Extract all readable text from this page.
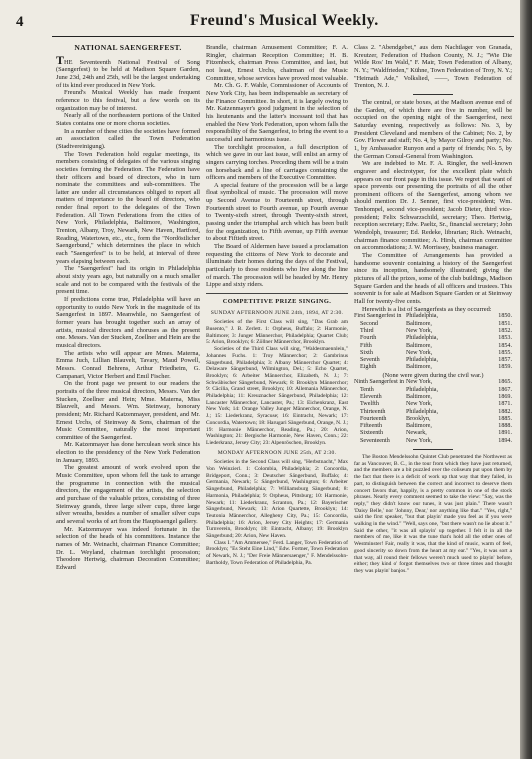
4	Freund's Musical Weekly.
NATIONAL SAENGERFEST.

THE Seventeenth National Festival of Song (Saengerfest) to be held at Madison Square Garden, June 23d, 24th and 25th, will be the largest undertaking of its kind ever produced in New York.

Freund's Musical Weekly has made frequent reference to this festival, but a few words on its organization may be of interest.

Nearly all of the northeastern portions of the United States contains one or more chorus societies.

In a number of these cities the societies have formed an association called the Town Federation (Stadtvereinigung).

The Town Federation hold regular meetings, its members consisting of delegates of the various singing societies forming the Federation. The Federation have their officers and board of directors, who in turn nominate the committees and sub-committees. The latter are under all circumstances obliged to report all matters of importance to the board of directors, who render final report to the delegates of the Town Federation. All Town Federations from the cities of New York, Philadelphia, Baltimore, Washington, Trenton, Albany, Troy, Newark, New Haven, Hartford, Reading, Watertown, etc., etc., form the "Nordöstlicher Saengerbund," which determines the place in which each "Saengerfest" is to be held, at interval of three years elapsing between each.

The "Saengerfest" had its origin in Philadelphia about sixty years ago, but naturally on a much smaller scale and not to be compared with the festivals of the present time.

If predictions come true, Philadelphia will have an opportunity to outdo New York in the magnitude of its Saengerfest in 1897. Meanwhile, no Saengerfest of former years has brought together such an array of artists, musical directors and choruses as the present one. Messrs. Van der Stucken, Zoellner and Hein are the musical directors.

The artists who will appear are Mmes. Materna, Emma Juch, Lillian Blauvelt, Tavary, Maud Powell, Messrs. Conrad Behrens, Arthur Friedheim, G. Campanari, Victor Herbert and Emil Fischer.

On the front page we present to our readers the portraits of the three musical directors, Messrs. Van der Stucken, Zoellner and Hein; Mme. Materna, Miss Blauvelt, and Messrs. Wm. Steinway, honorary president; Mr. Richard Katzenmayer, president, and Mr. Ernest Urchs, of Steinway & Sons, chairman of the Music Committee, naturally the most important committee of the Saengerfest.

Mr. Katzenmayer has done herculean work since his election to the presidency of the New York Federation in January, 1893.

The greatest amount of work evolved upon the Music Committee, upon whom fell the task to arrange the programme in connection with the musical directors, the engagement of the artists, the selection and purchase of the valuable prizes, consisting of three Steinway grands, three large silver cups, three large silver wreaths, besides a number of smaller silver cups and several works of art from the Hauptsaengel gallery.

Mr. Katzenmayer was indeed fortunate in the selection of the heads of his committees. Instance the names of Mr. Weinacht, chairman Finance Committee; Dr. L. Weyland, chairman torchlight procession; Theodore Hertwig, chairman Decoration Committee; Edward

Brandle, chairman Amusement Committee; F. A. Ringler, chairman Reception Committee; H. B. Fitzenbeck, chairman Press Committee, and last, but not least, Ernest Urchs, chairman of the Music Committee, whose services have proved most valuable.

Mr. Ch. G. F. Wahle, Commissioner of Accounts of New York City, has been indispensable as secretary of the Finance Committee. In short, it is largely owing to Mr. Katzenmayer's good judgment in the selection of his lieutenants and the latter's incessant toil that has enabled the New York Federation, upon whom falls the responsibility of the Saengerfest, to bring the event to a successful and harmonious issue.

The torchlight procession, a full description of which we gave in our last issue, will enlist an army of singers carrying torches. Preceding them will be a train on horseback and a line of carriages containing the officers and members of the Executive Committee.

A special feature of the procession will be a large float symbolical of music. The procession will move up Second Avenue to Fourteenth street, through Fourteenth street to Fourth avenue, up Fourth avenue to Twenty-sixth street, through Twenty-sixth street, passing under the triumphal arch which has been built for the organization, to Fifth avenue, up Fifth avenue to about Fiftieth street.

The Board of Aldermen have issued a proclamation requesting the citizens of New York to decorate and illuminate their homes during the days of the Festival, particularly to those residents who live along the line of march. The procession will be headed by Mr. Henry Lippe and sixty riders.

COMPETITIVE PRIZE SINGING.
SUNDAY AFTERNOON JUNE 24th, 1894, AT 2:30.

Societies of the First Class will sing, "Das Grab am Busento," J. B. Zerlett. 1: Orpheus, Buffalo; 2: Harmonie, Baltimore; 3: Junger Männerchor, Philadelphia; Quartet Club; 5: Arion, Brooklyn; 6: Zöllner Männerchor, Brooklyn.

Societies of the Third Class will sing, "Waldesmaennlein," Johannes Fuchs. 1: Troy Männerchor; 2: Gambrinus Sängerbund, Philadelphia; 3: Albany Männerchor Quartet; 4: Delaware Sängerbund, Wilmington, Del.; 5: Echo Quartet, Brooklyn; 6: Arbeiter Männerchor, Elizabeth, N. J.; 7: Schwäbischer Sängerbund, Newark; 8: Brooklyn Männerchor; 9: Cäcilia, Grand street, Brooklyn; 10: Allemania Männerchor, Philadelphia; 11: Kreuznacher Sängerbund, Philadelphia; 12: Lancaster Männerchor, Lancaster, Pa.; 13: Eichenkranz, East New York; 14: Orange Valley Junger Männerchor, Orange, N. J.; 15: Liederkranz, Syracuse; 16: Eintracht, Newark; 17: Concordia, Watertown; 18: Harugari Sängerbund, Orange, N. J.; 19: Harmonie Männerchor, Reading, Pa.; 20: Arion, Washington; 21: Bergische Harmonie, New Haven, Conn.; 22: Liederkranz, Jersey City; 23: Alpenröschen, Brooklyn.

MONDAY AFTERNOON JUNE 25th, AT 2:30.

Societies in the Second Class will sing, "Herbstnacht," Max Von Weinzierl. 1: Colombia, Philadelphia; 2: Concordia, Bridgeport, Conn.; 3: Deutscher Sängerbund, Buffalo; 4: Germania, Newark; 5: Sängerbund, Washington; 6: Arbeiter Sängerbund, Philadelphia; 7: Williamsburg Sängerbund; 8: Harmonia, Philadelphia; 9: Orpheus, Pittsburg; 10: Harmonie, Newark; 11: Liederkranz, Scranton, Pa.; 12: Bayerischer Sängerbund, Newark; 13: Arion Quartette, Brooklyn; 14: Teutonia Männerchor, Allegheny City, Pa.; 15: Concordia, Philadelphia; 16: Arion, Jersey City Heights; 17: Germania Turnverein, Brooklyn; 18: Eintracht, Albany; 19: Brooklyn Sängerbund; 20: Arion, New Haven.

Class I. "Am Ammersee," Ferd. Langer, Town Federation of Brooklyn; "Es Steht Eine Lind," Edw. Fortner, Town Federation of Newark, N. J.; "Der Freie Männersaenger," F. Mendelssohn-Bartholdy, Town Federation of Philadelphia, Pa.

Class 2. "Abendgebet," aus dem Nachtlager von Granada, Kreutzer, Federation of Hudson County, N. J.; "Wie Die Wilde Ros' Im Wald," F. Mair, Town Federation of Albany, N. Y.; "Waldfrieden," Kühne, Town Federation of Troy, N. Y.; "Heimath Ade," Volkslied, ——, Town Federation of Trenton, N. J.

The central, or state boxes, at the Madison avenue end of the Garden, of which there are five in number, will be occupied on the opening night of the Saengerfest, next Saturday evening, respectively as follows: No. 3, by President Cleveland and members of the Cabinet; No. 2, by Gov. Flower and staff; No. 4, by Mayor Gilroy and party; No. 1, by Ambassador Runyon and a party of friends; No. 5, by the German Consul-General from Washington.

We are indebted to Mr. F. A. Ringler, the well-known engraver and electrotyper, for the excellent plate which appears on our front page in this issue. We regret that want of space prevents our presenting the portraits of all the other prominent officers of the Saengerfest, among whom we should mention Dr. J. Senner, first vice-president; Wm. Tenhompel, second vice-president; Jacob Dieter, third vice-president; Felix Schwarzschild, secretary; Theo. Hertwig, reception secretary; Edw. Paeltz, Sr., financial secretary; John Wendolph, treasurer; Ed. Redeke, librarian; Rich. Weinacht, chairman finance committee; A. Hirsh, chairman committee on accommodations; J. W. Morrissey, business manager.

The Committee of Arrangements has provided a handsome souvenir containing a history of the Saengerfest since its inception, handsomely illustrated; giving the pictures of all the prizes, some of the club buildings, Madison Square Garden and the heads of all officers and trustees. This souvenir is for sale at Madison Square Garden or at Steinway Hall for twenty-five cents.

Herewith is a list of Saengerfests as they occurred:

First Saengerfest in	Philadelphia,	1850.
Second	Baltimore,	1851.
Third	New York,	1852.
Fourth	Philadelphia,	1853.
Fifth	Baltimore,	1854.
Sixth	New York,	1855.
Seventh	Philadelphia,	1857.
Eighth	Baltimore,	1859.
(None were given during the civil war.)
Ninth Saengerfest in	New York,	1865.
Tenth	Philadelphia,	1867.
Eleventh	Baltimore,	1869.
Twelfth	New York,	1871.
Thirteenth	Philadelphia,	1882.
Fourteenth	Brooklyn,	1885.
Fifteenth	Baltimore,	1888.
Sixteenth	Newark,	1891.
Seventeenth	New York,	1894.

The Boston Mendelssohn Quintet Club penetrated the Northwest as far as Vancouver, B. C., in the tour from which they have just returned, and the members are a bit puzzled over the coliseum put upon them by the fact that there is a deficit of work up that way that they failed, in part, to distinguish between the correct and incorrect to deserve them concert favors that, happily, is a pretty common in one of the stock phrases. Nearly every comment seemed to take the view: "Say, was the reply," they didn't know our tunes, it was just plain." There wasn't 'Daisy Belle,' nor 'Johnny, Dear,' nor anything like that." "Yes, right," said the first speaker, "but that playin' made you feel as if you were walking in the wind." "Well, says one, "but there wasn't no lie about it." Said the other, "it was all splayin' up together. I felt it in all the members of me, like it was the tune that's hold all the other ones of Westminster! Fair, really it was, that the kind of music, warm of feel, good sincerity so down from the heart at my ear." "Yes, it was sort a that way, all round their fellows weren't much used to playin' before, either; they kind o' forgot themselves two or three times and thought they was playin' banjos."
